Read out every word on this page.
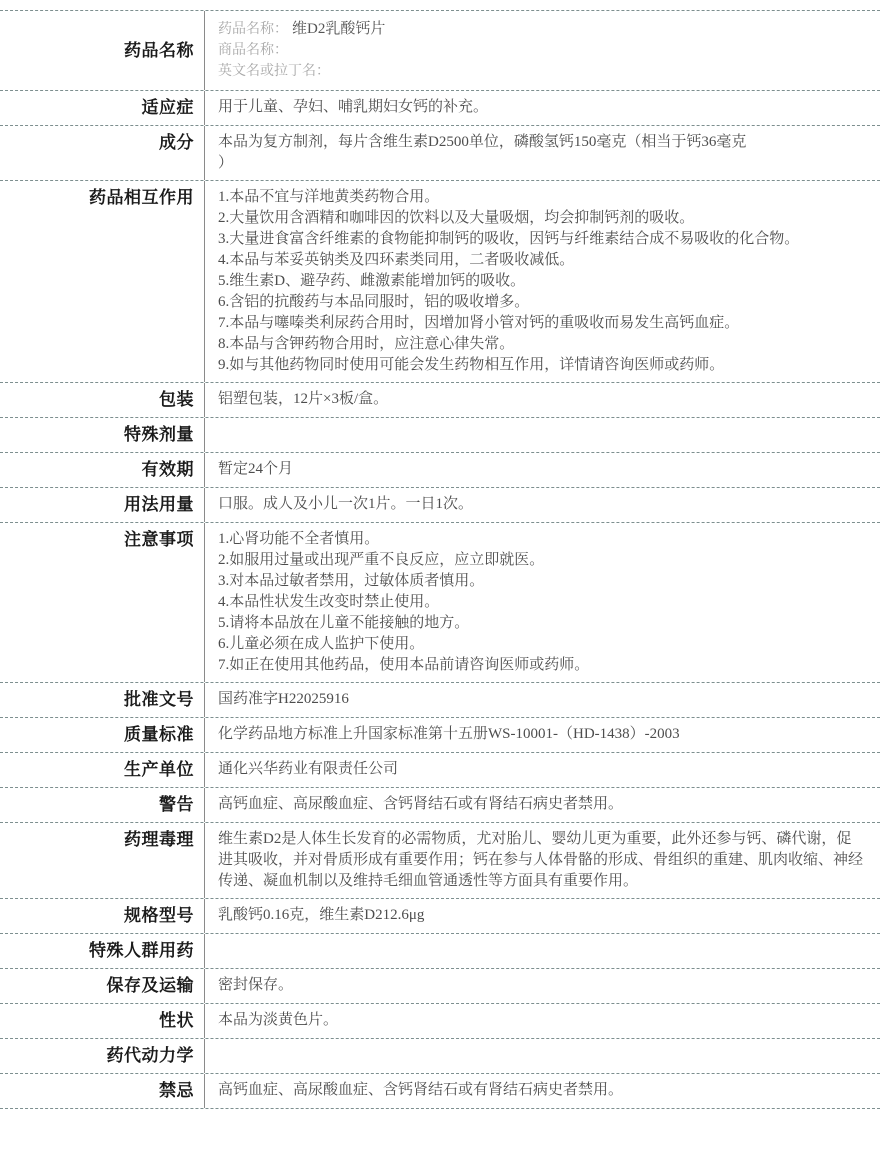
药品名称
药品名称： 维D2乳酸钙片
商品名称：
英文名或拉丁名：
适应症	用于儿童、孕妇、哺乳期妇女钙的补充。
成分	本品为复方制剂，每片含维生素D2500单位，磷酸氢钙150毫克（相当于钙36毫克
）
药品相互作用	1.本品不宜与洋地黄类药物合用。
2.大量饮用含酒精和咖啡因的饮料以及大量吸烟，均会抑制钙剂的吸收。
3.大量进食富含纤维素的食物能抑制钙的吸收，因钙与纤维素结合成不易吸收的化合物。
4.本品与苯妥英钠类及四环素类同用，二者吸收减低。
5.维生素D、避孕药、雌激素能增加钙的吸收。
6.含铝的抗酸药与本品同服时，铝的吸收增多。
7.本品与噻嗪类利尿药合用时，因增加肾小管对钙的重吸收而易发生高钙血症。
8.本品与含钾药物合用时，应注意心律失常。
9.如与其他药物同时使用可能会发生药物相互作用，详情请咨询医师或药师。
包装	铝塑包装，12片×3板/盒。
特殊剂量
有效期	暂定24个月
用法用量	口服。成人及小儿一次1片。一日1次。
注意事项	1.心肾功能不全者慎用。
2.如服用过量或出现严重不良反应，应立即就医。
3.对本品过敏者禁用，过敏体质者慎用。
4.本品性状发生改变时禁止使用。
5.请将本品放在儿童不能接触的地方。
6.儿童必须在成人监护下使用。
7.如正在使用其他药品，使用本品前请咨询医师或药师。
批准文号	国药准字H22025916
质量标准	化学药品地方标准上升国家标准第十五册WS-10001-（HD-1438）-2003
生产单位	通化兴华药业有限责任公司
警告	高钙血症、高尿酸血症、含钙肾结石或有肾结石病史者禁用。
药理毒理	维生素D2是人体生长发育的必需物质，尤对胎儿、婴幼儿更为重要，此外还参与钙、磷代谢，促进其吸收，并对骨质形成有重要作用；钙在参与人体骨骼的形成、骨组织的重建、肌肉收缩、神经传递、凝血机制以及维持毛细血管通透性等方面具有重要作用。
规格型号	乳酸钙0.16克，维生素D212.6μg
特殊人群用药
保存及运输	密封保存。
性状	本品为淡黄色片。
药代动力学
禁忌	高钙血症、高尿酸血症、含钙肾结石或有肾结石病史者禁用。
